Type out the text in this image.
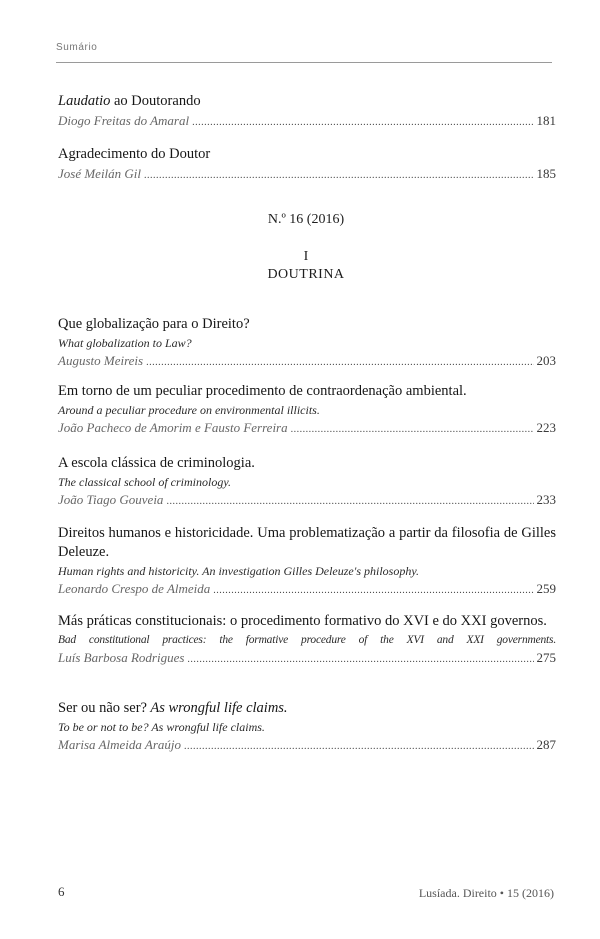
Sumário

Laudatio ao Doutorando

Diogo Freitas do Amaral .....	181

Agradecimento do Doutor

José Meilán Gil .....	185
N.º 16 (2016)
I
DOUTRINA

Que globalização para o Direito?

What globalization to Law?

Augusto Meireis .....	203

Em torno de um peculiar procedimento de contraordenação ambiental.

Around a peculiar procedure on environmental illicits.

João Pacheco de Amorim e Fausto Ferreira .....	223

A escola clássica de criminologia.

The classical school of criminology.

João Tiago Gouveia .....	233

Direitos humanos e historicidade. Uma problematização a partir da filosofia de Gilles Deleuze.

Human rights and historicity. An investigation Gilles Deleuze's philosophy.

Leonardo Crespo de Almeida .....	259

Más práticas constitucionais: o procedimento formativo do XVI e do XXI governos.

Bad constitutional practices: the formative procedure of the XVI and XXI governments.

Luís Barbosa Rodrigues .....	275

Ser ou não ser? As wrongful life claims.

To be or not to be? As wrongful life claims.

Marisa Almeida Araújo .....	287
6	Lusíada. Direito • 15 (2016)
